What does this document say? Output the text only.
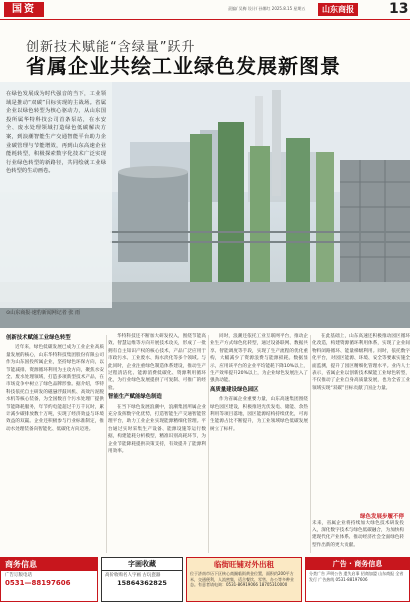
国资	责编/ 吴梅 设计/ 孙娜红 2025.8.15 星期五	山东商报	13
创新技术赋能“含绿量”跃升
省属企业共绘工业绿色发展新图景
在绿色发展成为时代强音的当下，工业领域是推动“双碳”目标实现的主战场。省属企业以绿色转型为核心驱动力，从山东国投所属华特科技公司首条泵站，在水安全、废水处理领域打造绿色低碳解决方案，到浪潮智能生产交通智能平台助力企业碳管理与节能增效，再到山东高速企业能耗转型，积极探索数字化技术广泛实现行业绿色转型的新路径，共同绘就工业绿色转型的生动画卷。
⊙山东商报·速豹新闻网记者 张 雨

创新技术赋能工业绿色转型

近年来，绿色低碳发展已成为工业企业高质量发展的核心，山东华特科技集团股份有限公司作为山东国投所属企业，坚持绿色环保方向，以节能减排、资源循环利用为主攻方向，聚焦水安全、废水处理领域，打造多项新型技术产品，在市场竞争中树立了绿色品牌形象。据介绍，华特科技依托自主研发的磁悬浮鼓风机、高效污泥脱水机等核心装备，为全国数百个污水处理厂提供节能降耗服务，年节约电能超过千万千瓦时，累计减少碳排放数十万吨，实现了经济效益与环境效益的双赢。企业还积极参与行业标准制定，推动水处理装备向智能化、低碳化方向迈进。

华特科技还不断加大研发投入，围绕节能高效、智慧运维等方向开展技术攻关，形成了一批拥有自主知识产权的核心技术，产品广泛应用于市政污水、工业废水、海水淡化等多个领域。与此同时，企业注重绿色制造体系建设，推动生产过程清洁化、能源消费低碳化、资源利用循环化，为行业绿色发展提供了可复制、可推广的经验。

智能生产赋能绿色制造

在当下绿色发展浪潮中，浪潮集团所属企业充分发挥数字化优势，打造智能生产交通智能管理平台，助力工业企业实现能源精细化管理。平台通过实时采集生产设备、能源设施等运行数据，构建能耗分析模型，精准识别高耗环节，为企业节能降耗提供决策支持，有效提升了能源利用效率。

同时，浪潮还依托工业互联网平台，推动企业生产方式绿色化转型，通过设备联网、数据共享、智能调度等手段，实现了生产流程的优化重构，大幅减少了资源浪费与能源损耗。数据显示，应用该平台的企业平均能耗下降10%以上，生产效率提升20%以上，为企业绿色发展注入了强劲动能。

高质量建设绿色园区

作为省属企业重要力量，山东高速集团围绕绿色园区建设，积极推进光伏发电、储能、余热利用等项目落地，园区能源结构持续优化，可再生能源占比不断提升，为工业领域绿色低碳发展树立了标杆。

在此基础上，山东高速还积极推动园区循环化改造，构建资源循环利用体系，实现了企业间物料闭路循环、能量梯级利用。同时，依托数字化平台，对园区能源、环境、安全等要素实施全面监测，提升了园区精细化管理水平。业内人士表示，省属企业以创新技术赋能工业绿色转型，不仅推动了企业自身高质量发展，也为全省工业领域实现“双碳”目标贡献了国企力量。

绿色发展步履不停
未来，省属企业将持续加大绿色技术研发投入，深化数字技术与绿色低碳融合，为加快构建现代化产业体系、推动经济社会全面绿色转型作出新的更大贡献。
商务信息
广告订版电话
0531—88197606
字画收藏
高价收购名人字画 古玩瓷器
15864362825
临街旺铺对外出租
位于济南市历下区核心商圈临街黄金位置，面积约200平方米，交通便利，人流密集，适合餐饮、零售、办公等多种业态。有意者请电询：0531-86919066 18705310000
广告 · 商务信息
分类广告 声明公告 遗失启事 招商加盟 山东商报 全省发行 广告热线 0531-88197606
